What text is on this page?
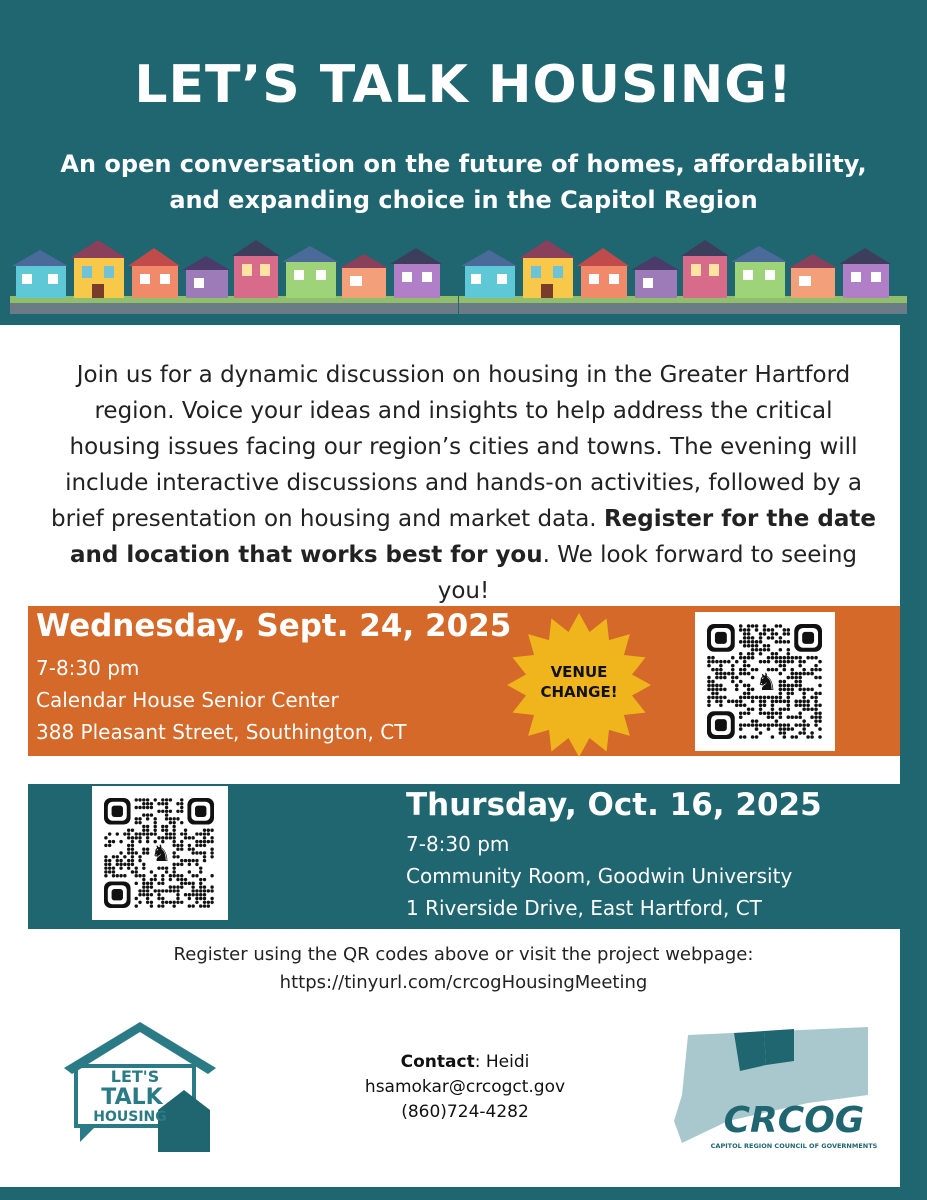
LET’S TALK HOUSING!
An open conversation on the future of homes, affordability, and expanding choice in the Capitol Region
Join us for a dynamic discussion on housing in the Greater Hartford region. Voice your ideas and insights to help address the critical housing issues facing our region’s cities and towns. The evening will include interactive discussions and hands-on activities, followed by a brief presentation on housing and market data. Register for the date and location that works best for you. We look forward to seeing you!
Wednesday, Sept. 24, 2025
7-8:30 pm
Calendar House Senior Center
388 Pleasant Street, Southington, CT
VENUE
CHANGE!	♞
♞
Thursday, Oct. 16, 2025
7-8:30 pm
Community Room, Goodwin University
1 Riverside Drive, East Hartford, CT
Register using the QR codes above or visit the project webpage:
https://tinyurl.com/crcogHousingMeeting
LET'S
TALK
HOUSING
Contact: Heidi
hsamokar@crcogct.gov
(860)724-4282	CRCOG
CAPITOL REGION COUNCIL OF GOVERNMENTS
